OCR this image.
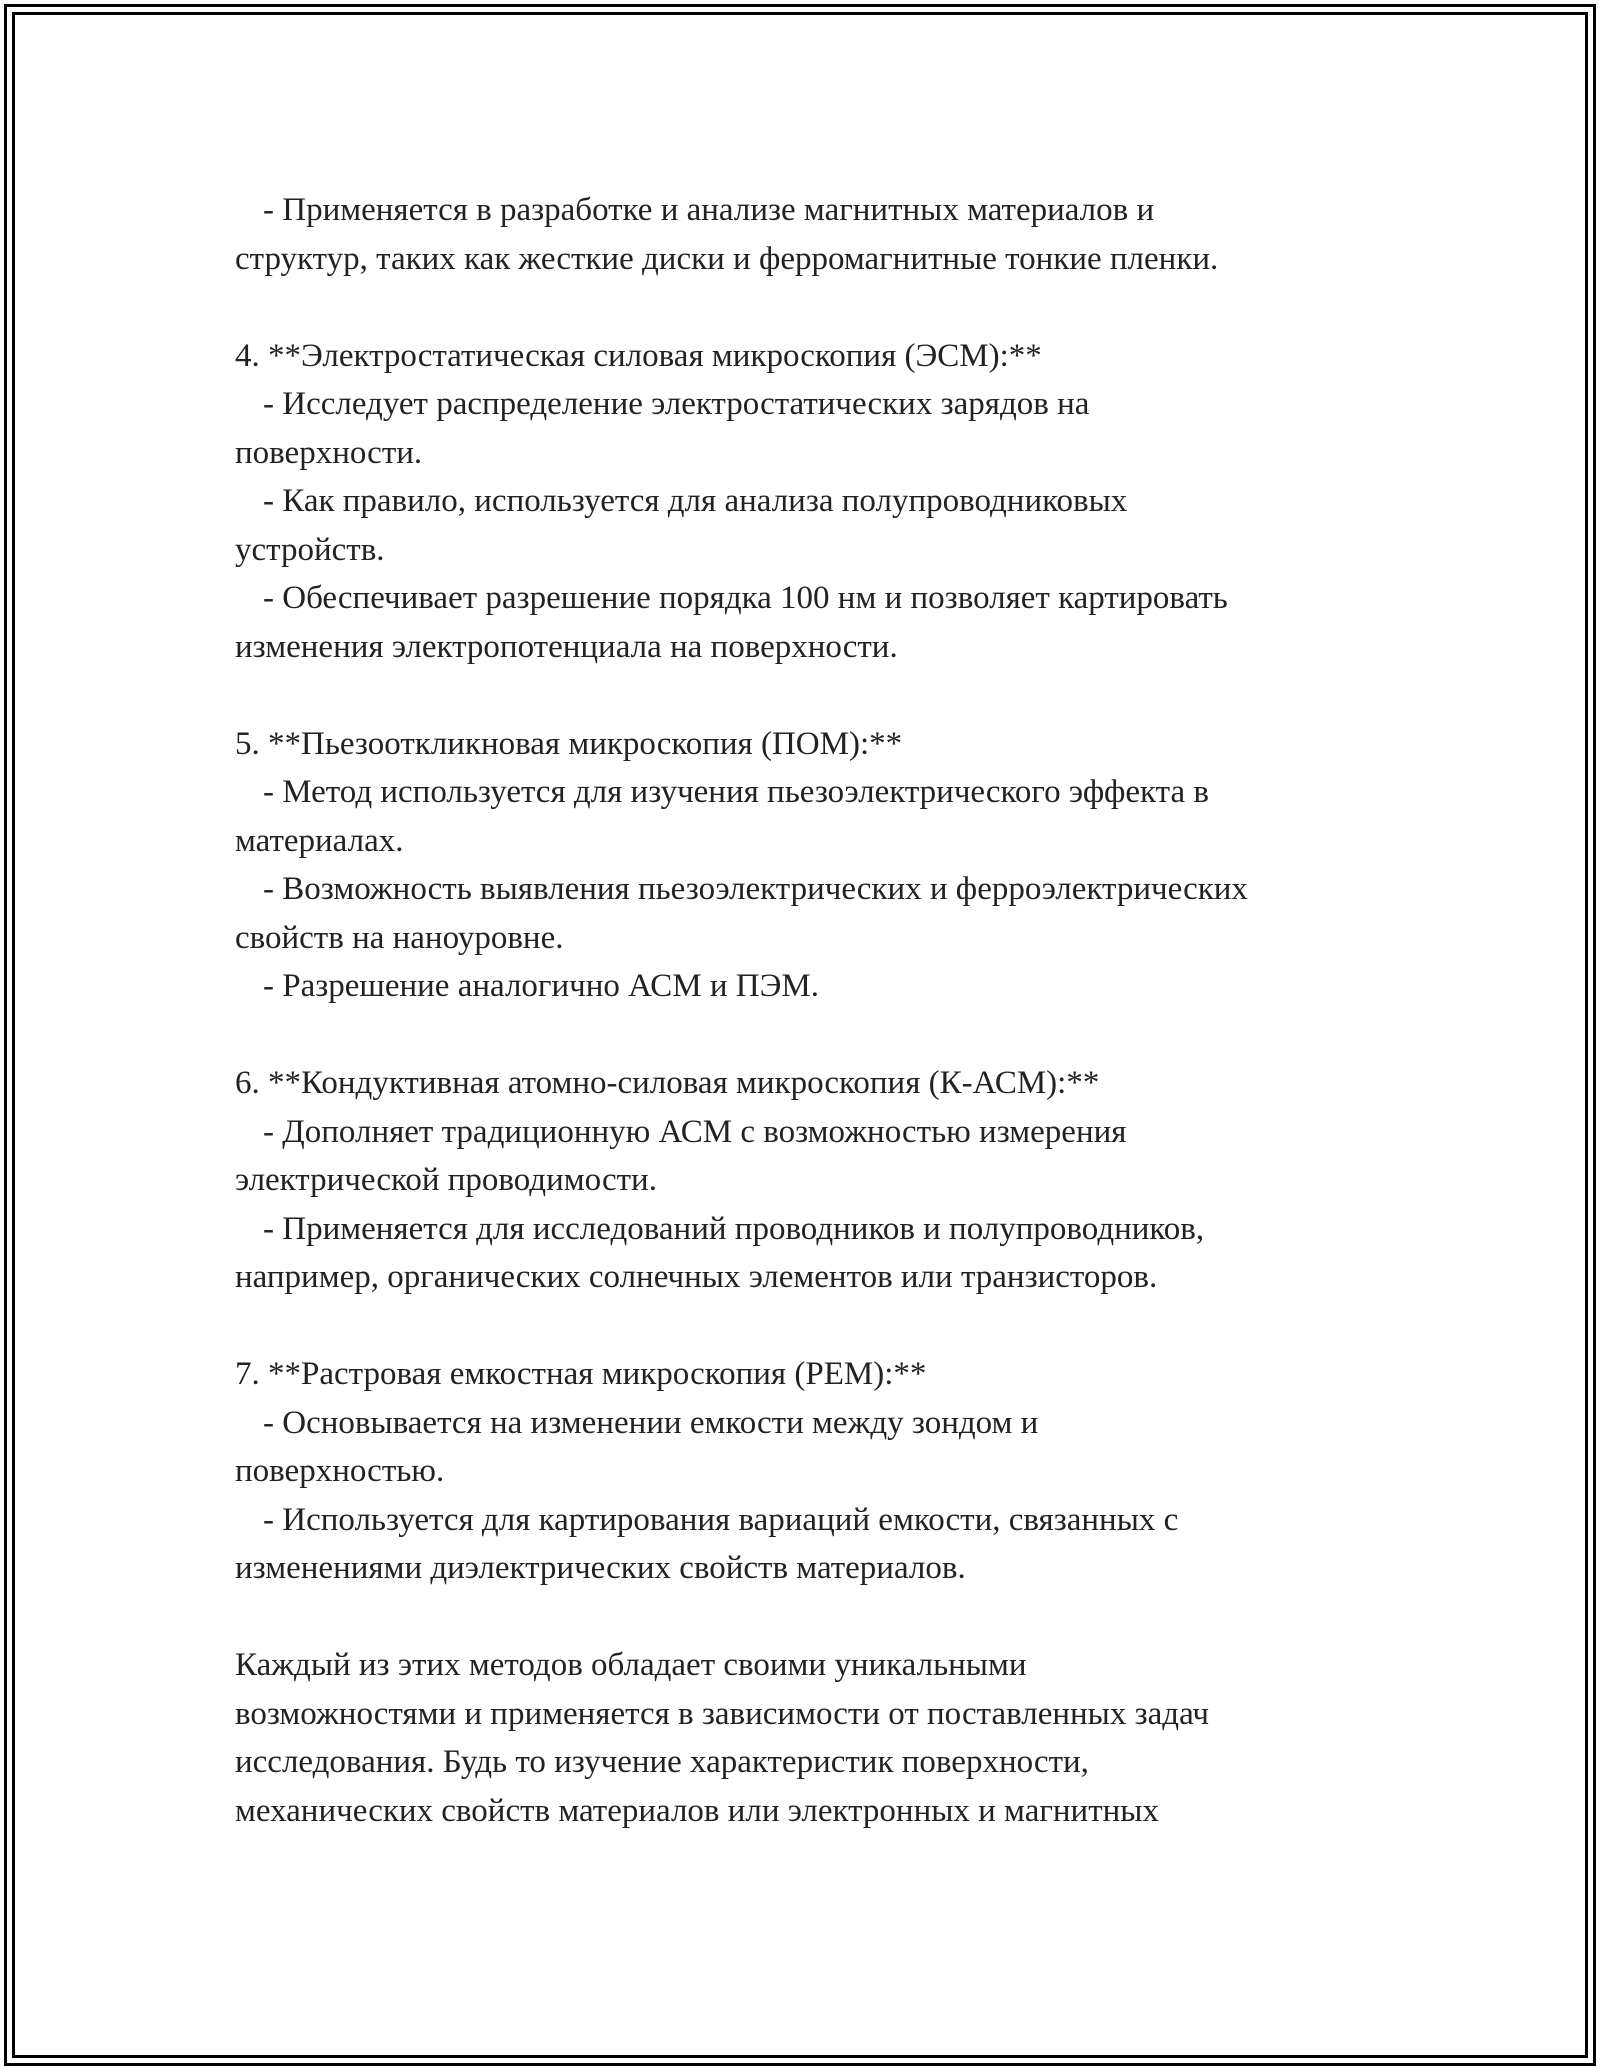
- Применяется в разработке и анализе магнитных материалов и
структур, таких как жесткие диски и ферромагнитные тонкие пленки.
4. **Электростатическая силовая микроскопия (ЭСМ):**
- Исследует распределение электростатических зарядов на
поверхности.
- Как правило, используется для анализа полупроводниковых
устройств.
- Обеспечивает разрешение порядка 100 нм и позволяет картировать
изменения электропотенциала на поверхности.
5. **Пьезооткликновая микроскопия (ПОМ):**
- Метод используется для изучения пьезоэлектрического эффекта в
материалах.
- Возможность выявления пьезоэлектрических и ферроэлектрических
свойств на наноуровне.
- Разрешение аналогично АСМ и ПЭМ.
6. **Кондуктивная атомно-силовая микроскопия (К-АСМ):**
- Дополняет традиционную АСМ с возможностью измерения
электрической проводимости.
- Применяется для исследований проводников и полупроводников,
например, органических солнечных элементов или транзисторов.
7. **Растровая емкостная микроскопия (РЕМ):**
- Основывается на изменении емкости между зондом и
поверхностью.
- Используется для картирования вариаций емкости, связанных с
изменениями диэлектрических свойств материалов.
Каждый из этих методов обладает своими уникальными
возможностями и применяется в зависимости от поставленных задач
исследования. Будь то изучение характеристик поверхности,
механических свойств материалов или электронных и магнитных
